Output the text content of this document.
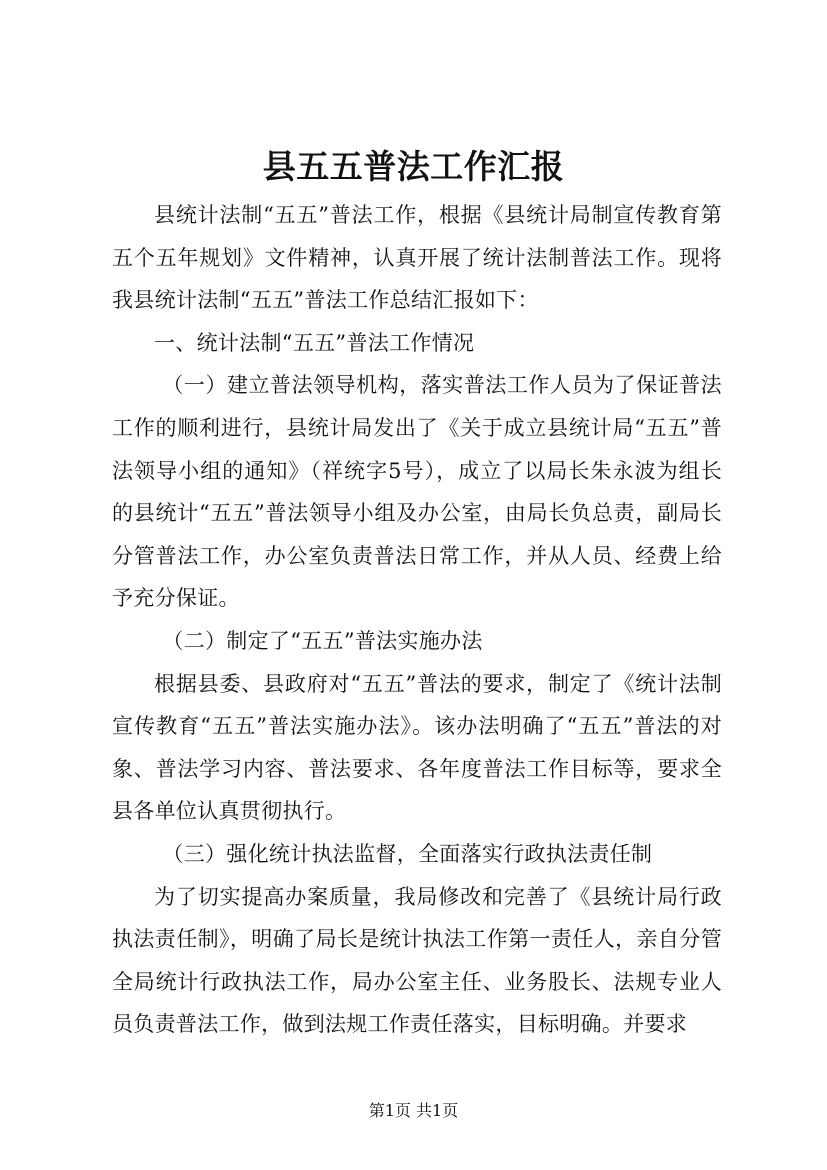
县五五普法工作汇报

县统计法制“五五”普法工作，根据《县统计局制宣传教育第五个五年规划》文件精神，认真开展了统计法制普法工作。现将我县统计法制“五五”普法工作总结汇报如下：

一、统计法制“五五”普法工作情况

（一）建立普法领导机构，落实普法工作人员为了保证普法工作的顺利进行，县统计局发出了《关于成立县统计局“五五”普法领导小组的通知》（祥统字5号），成立了以局长朱永波为组长的县统计“五五”普法领导小组及办公室，由局长负总责，副局长分管普法工作，办公室负责普法日常工作，并从人员、经费上给予充分保证。

（二）制定了“五五”普法实施办法

根据县委、县政府对“五五”普法的要求，制定了《统计法制宣传教育“五五”普法实施办法》。该办法明确了“五五”普法的对象、普法学习内容、普法要求、各年度普法工作目标等，要求全县各单位认真贯彻执行。

（三）强化统计执法监督，全面落实行政执法责任制

为了切实提高办案质量，我局修改和完善了《县统计局行政执法责任制》，明确了局长是统计执法工作第一责任人，亲自分管全局统计行政执法工作，局办公室主任、业务股长、法规专业人员负责普法工作，做到法规工作责任落实，目标明确。并要求

第1页 共1页
